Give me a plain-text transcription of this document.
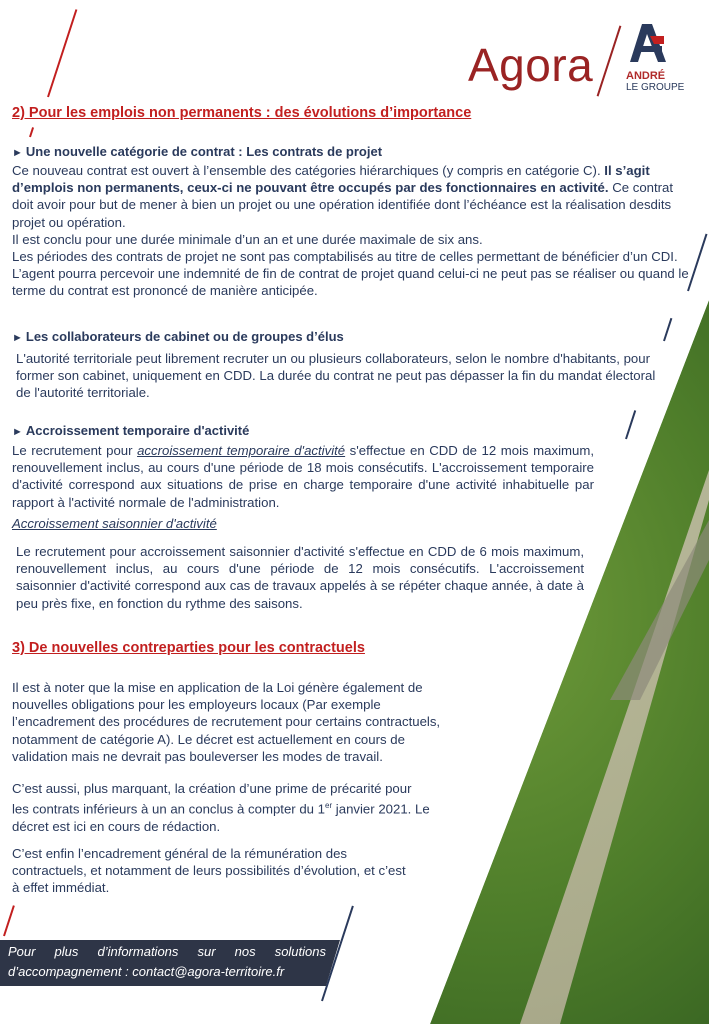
Agora	ANDRÉ
LE GROUPE
2) Pour les emplois non permanents : des évolutions d’importance
► Une nouvelle catégorie de contrat : Les contrats de projet
Ce nouveau contrat est ouvert à l’ensemble des catégories hiérarchiques (y compris en catégorie C). Il s’agit d’emplois non permanents, ceux-ci ne pouvant être occupés par des fonctionnaires en activité. Ce contrat doit avoir pour but de mener à bien un projet ou une opération identifiée dont l’échéance est la réalisation desdits projet ou opération.
Il est conclu pour une durée minimale d’un an et une durée maximale de six ans.
Les périodes des contrats de projet ne sont pas comptabilisés au titre de celles permettant de bénéficier d’un CDI. L’agent pourra percevoir une indemnité de fin de contrat de projet quand celui-ci ne peut pas se réaliser ou quand le terme du contrat est prononcé de manière anticipée.
► Les collaborateurs de cabinet ou de groupes d’élus
L'autorité territoriale peut librement recruter un ou plusieurs collaborateurs, selon le nombre d'habitants, pour former son cabinet, uniquement en CDD. La durée du contrat ne peut pas dépasser la fin du mandat électoral de l'autorité territoriale.
► Accroissement temporaire d'activité
Le recrutement pour accroissement temporaire d'activité s'effectue en CDD de 12 mois maximum, renouvellement inclus, au cours d'une période de 18 mois consécutifs. L'accroissement temporaire d'activité correspond aux situations de prise en charge temporaire d'une activité inhabituelle par rapport à l'activité normale de l'administration.
Accroissement saisonnier d'activité
Le recrutement pour accroissement saisonnier d'activité s'effectue en CDD de 6 mois maximum, renouvellement inclus, au cours d'une période de 12 mois consécutifs. L'accroissement saisonnier d'activité correspond aux cas de travaux appelés à se répéter chaque année, à date à peu près fixe, en fonction du rythme des saisons.
3) De nouvelles contreparties pour les contractuels
Il est à noter que la mise en application de la Loi génère également de nouvelles obligations pour les employeurs locaux (Par exemple l’encadrement des procédures de recrutement pour certains contractuels, notamment de catégorie A). Le décret est actuellement en cours de validation mais ne devrait pas bouleverser les modes de travail.
C’est aussi, plus marquant, la création d’une prime de précarité pour les contrats inférieurs à un an conclus à compter du 1er janvier 2021. Le décret est ici en cours de rédaction.
C’est enfin l’encadrement général de la rémunération des contractuels, et notamment de leurs possibilités d’évolution, et c’est à effet immédiat.
Pour plus d’informations sur nos solutions d’accompagnement : contact@agora-territoire.fr
